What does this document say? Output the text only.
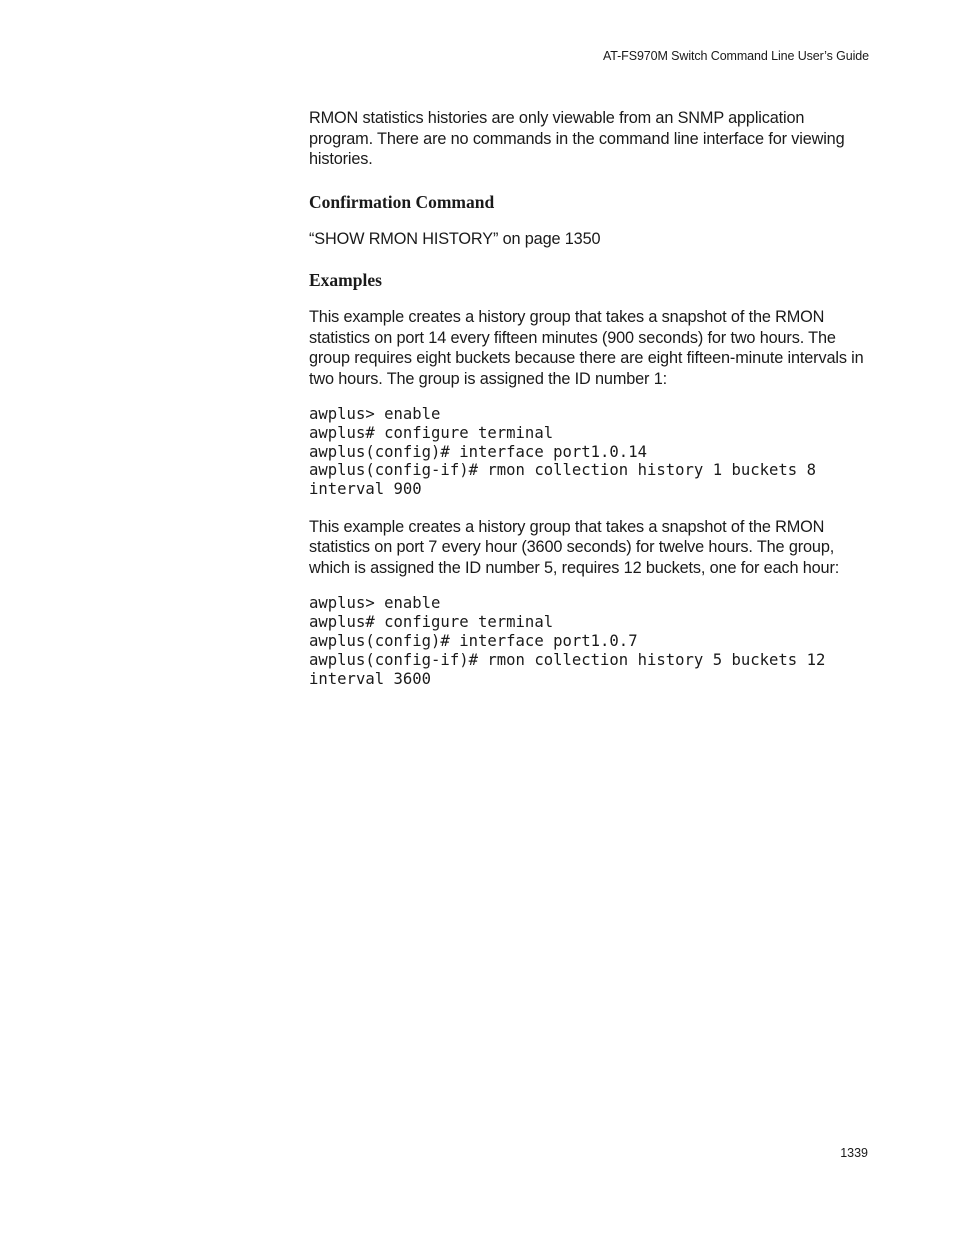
AT-FS970M Switch Command Line User’s Guide

RMON statistics histories are only viewable from an SNMP application program. There are no commands in the command line interface for viewing histories.

Confirmation Command

“SHOW RMON HISTORY” on page 1350

Examples

This example creates a history group that takes a snapshot of the RMON statistics on port 14 every fifteen minutes (900 seconds) for two hours. The group requires eight buckets because there are eight fifteen-minute intervals in two hours. The group is assigned the ID number 1:

awplus> enable
awplus# configure terminal
awplus(config)# interface port1.0.14
awplus(config-if)# rmon collection history 1 buckets 8
interval 900

This example creates a history group that takes a snapshot of the RMON statistics on port 7 every hour (3600 seconds) for twelve hours. The group, which is assigned the ID number 5, requires 12 buckets, one for each hour:

awplus> enable
awplus# configure terminal
awplus(config)# interface port1.0.7
awplus(config-if)# rmon collection history 5 buckets 12
interval 3600
1339
